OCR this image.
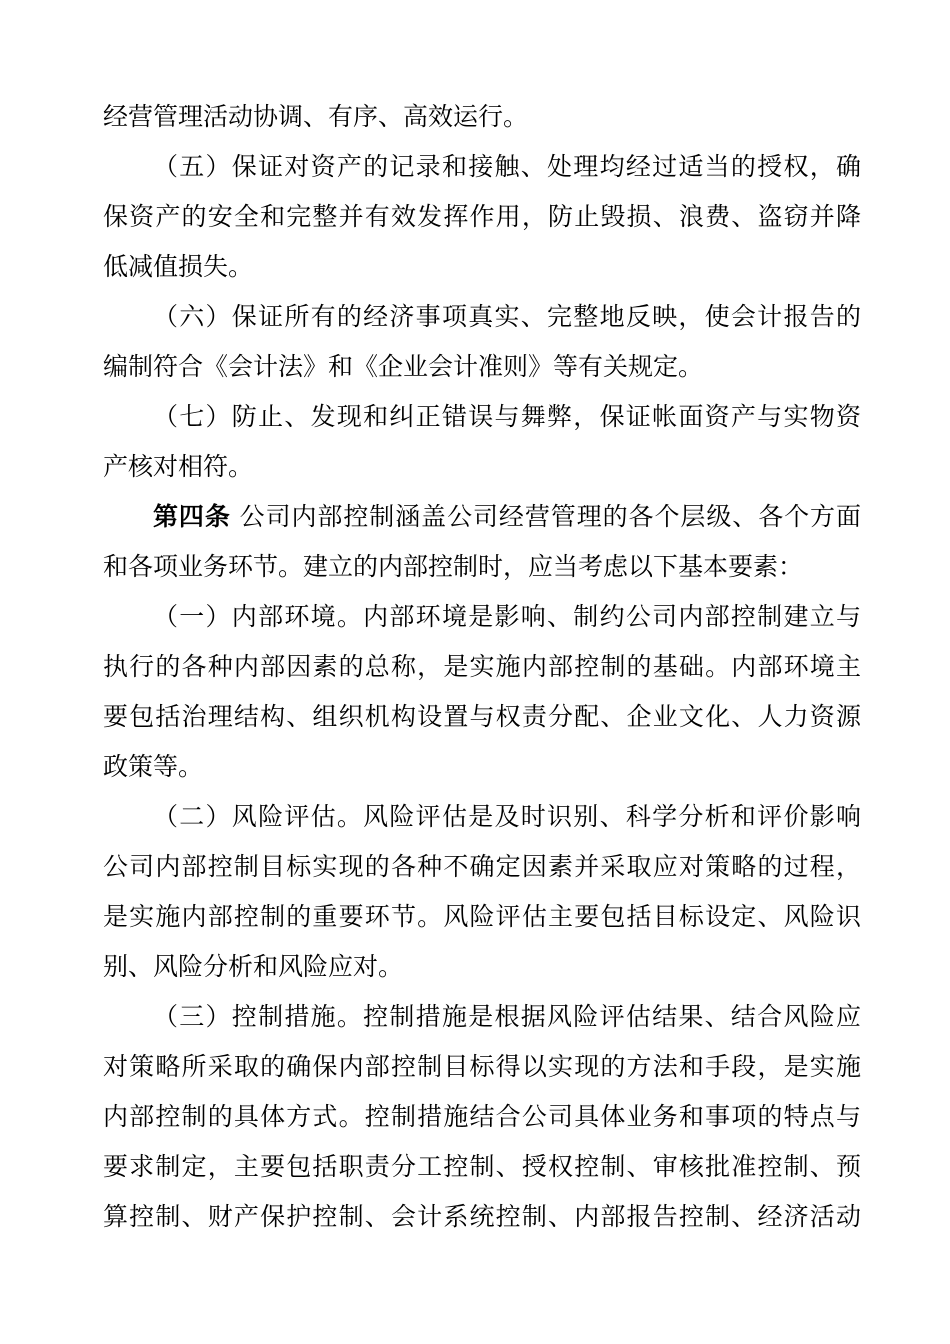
经营管理活动协调、有序、高效运行。
（五）保证对资产的记录和接触、处理均经过适当的授权，确
保资产的安全和完整并有效发挥作用，防止毁损、浪费、盗窃并降
低减值损失。
（六）保证所有的经济事项真实、完整地反映，使会计报告的
编制符合《会计法》和《企业会计准则》等有关规定。
（七）防止、发现和纠正错误与舞弊，保证帐面资产与实物资
产核对相符。
第四条 公司内部控制涵盖公司经营管理的各个层级、各个方面
和各项业务环节。建立的内部控制时，应当考虑以下基本要素：
（一）内部环境。内部环境是影响、制约公司内部控制建立与
执行的各种内部因素的总称，是实施内部控制的基础。内部环境主
要包括治理结构、组织机构设置与权责分配、企业文化、人力资源
政策等。
（二）风险评估。风险评估是及时识别、科学分析和评价影响
公司内部控制目标实现的各种不确定因素并采取应对策略的过程，
是实施内部控制的重要环节。风险评估主要包括目标设定、风险识
别、风险分析和风险应对。
（三）控制措施。控制措施是根据风险评估结果、结合风险应
对策略所采取的确保内部控制目标得以实现的方法和手段，是实施
内部控制的具体方式。控制措施结合公司具体业务和事项的特点与
要求制定，主要包括职责分工控制、授权控制、审核批准控制、预
算控制、财产保护控制、会计系统控制、内部报告控制、经济活动
